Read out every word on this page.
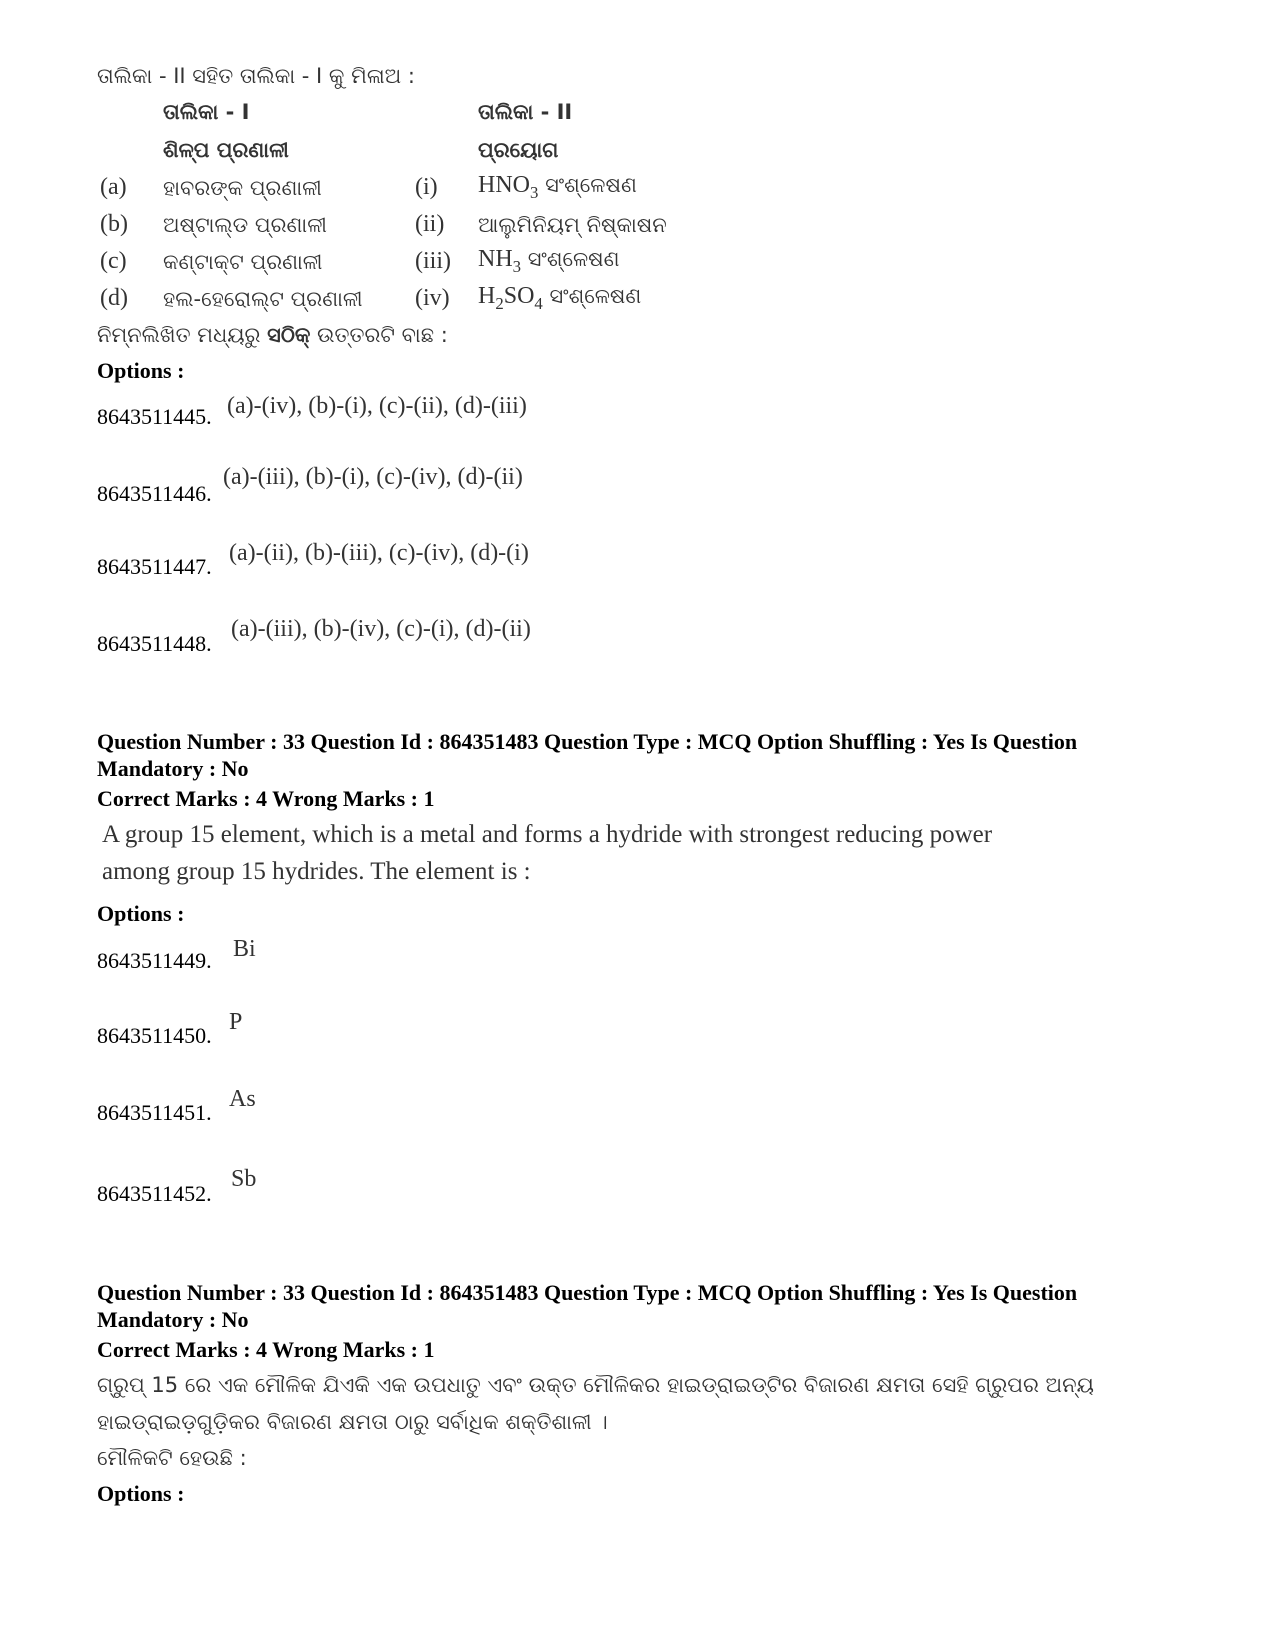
ତାଲିକା - II ସହିତ ତାଲିକା - I କୁ ମିଳାଅ :
ତାଲିକା - I	ତାଲିକା - II
ଶିଳ୍ପ ପ୍ରଣାଳୀ	ପ୍ରୟୋଗ
(a) ହାବରଙ୍କ ପ୍ରଣାଳୀ	(i) $HNO_3$ ସଂଶ୍ଳେଷଣ
(b) ଅଷ୍ଟାଲ୍ଡ ପ୍ରଣାଳୀ	(ii) ଆଲୁମିନିୟମ୍ ନିଷ୍କାଷନ
(c) କଣ୍ଟାକ୍ଟ ପ୍ରଣାଳୀ	(iii) $NH_3$ ସଂଶ୍ଳେଷଣ
(d) ହଲ-ହେରୋଲ୍ଟ ପ୍ରଣାଳୀ (iv) $H_2SO_4$ ସଂଶ୍ଳେଷଣ
ନିମ୍ନଲିଖିତ ମଧ୍ୟରୁ ସଠିକ୍ ଉତ୍ତରଟି ବାଛ :
Options :
8643511445. (a)-(iv), (b)-(i), (c)-(ii), (d)-(iii)
8643511446.
(a)-(iii), (b)-(i), (c)-(iv), (d)-(ii)
8643511447.
(a)-(ii), (b)-(iii), (c)-(iv), (d)-(i)
8643511448.
(a)-(iii), (b)-(iv), (c)-(i), (d)-(ii)
Question Number : 33 Question Id : 864351483 Question Type : MCQ Option Shuffling : Yes Is Question Mandatory : No
Correct Marks : 4 Wrong Marks : 1
A group 15 element, which is a metal and forms a hydride with strongest reducing power
among group 15 hydrides. The element is :
Options :
8643511449. Bi
8643511450.
P
8643511451.
As
8643511452.
Sb
Question Number : 33 Question Id : 864351483 Question Type : MCQ Option Shuffling : Yes Is Question Mandatory : No
Correct Marks : 4 Wrong Marks : 1
ଗ୍ରୁପ୍ 15 ରେ ଏକ ମୌଳିକ ଯିଏକି ଏକ ଉପଧାତୁ ଏବଂ ଉକ୍ତ ମୌଳିକର ହାଇଡ୍ରାଇଡ୍‌ଟିର ବିଜାରଣ କ୍ଷମତା ସେହି ଗ୍ରୁପର ଅନ୍ୟ
ହାଇଡ୍ରାଇଡ଼ଗୁଡ଼ିକର ବିଜାରଣ କ୍ଷମତା ଠାରୁ ସର୍ବାଧିକ ଶକ୍ତିଶାଳୀ ।
ମୌଳିକଟି ହେଉଛି :
Options :
